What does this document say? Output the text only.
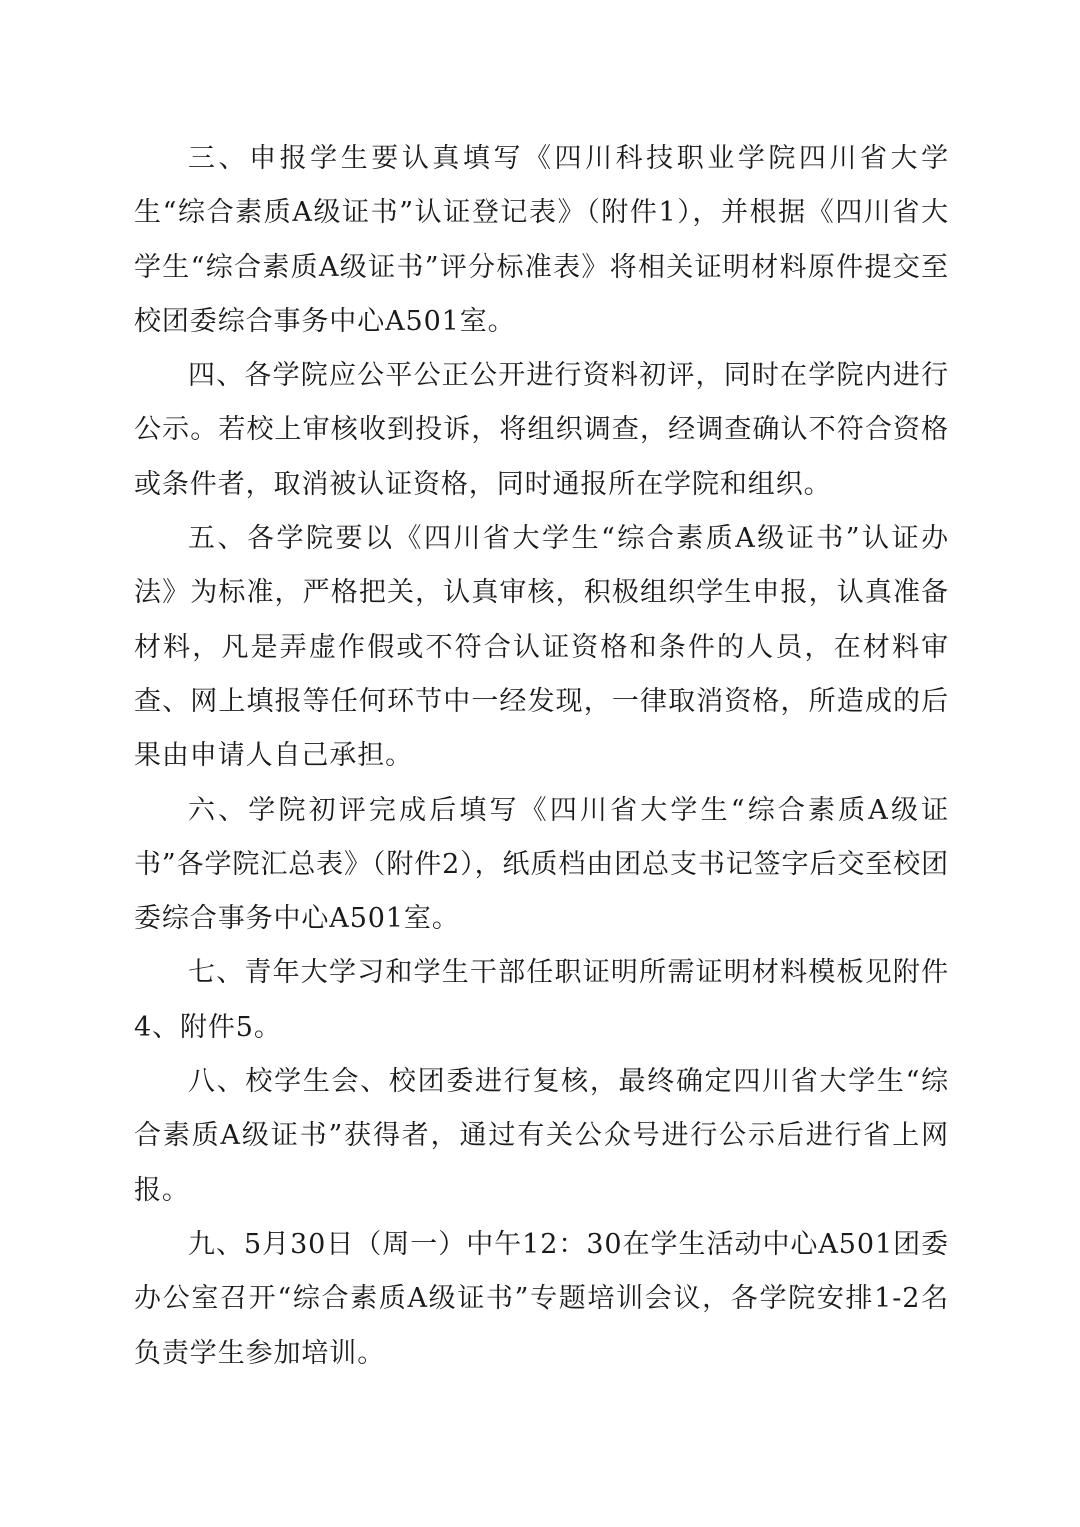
三、申报学生要认真填写《四川科技职业学院四川省大学生“综合素质A级证书”认证登记表》（附件1），并根据《四川省大学生“综合素质A级证书”评分标准表》将相关证明材料原件提交至校团委综合事务中心A501室。

四、各学院应公平公正公开进行资料初评，同时在学院内进行公示。若校上审核收到投诉，将组织调查，经调查确认不符合资格或条件者，取消被认证资格，同时通报所在学院和组织。

五、各学院要以《四川省大学生“综合素质A级证书”认证办法》为标准，严格把关，认真审核，积极组织学生申报，认真准备材料，凡是弄虚作假或不符合认证资格和条件的人员，在材料审查、网上填报等任何环节中一经发现，一律取消资格，所造成的后果由申请人自己承担。

六、学院初评完成后填写《四川省大学生“综合素质A级证书”各学院汇总表》（附件2），纸质档由团总支书记签字后交至校团委综合事务中心A501室。

七、青年大学习和学生干部任职证明所需证明材料模板见附件4、附件5。

八、校学生会、校团委进行复核，最终确定四川省大学生“综合素质A级证书”获得者，通过有关公众号进行公示后进行省上网报。

九、5月30日（周一）中午12：30在学生活动中心A501团委办公室召开“综合素质A级证书”专题培训会议，各学院安排1-2名负责学生参加培训。
